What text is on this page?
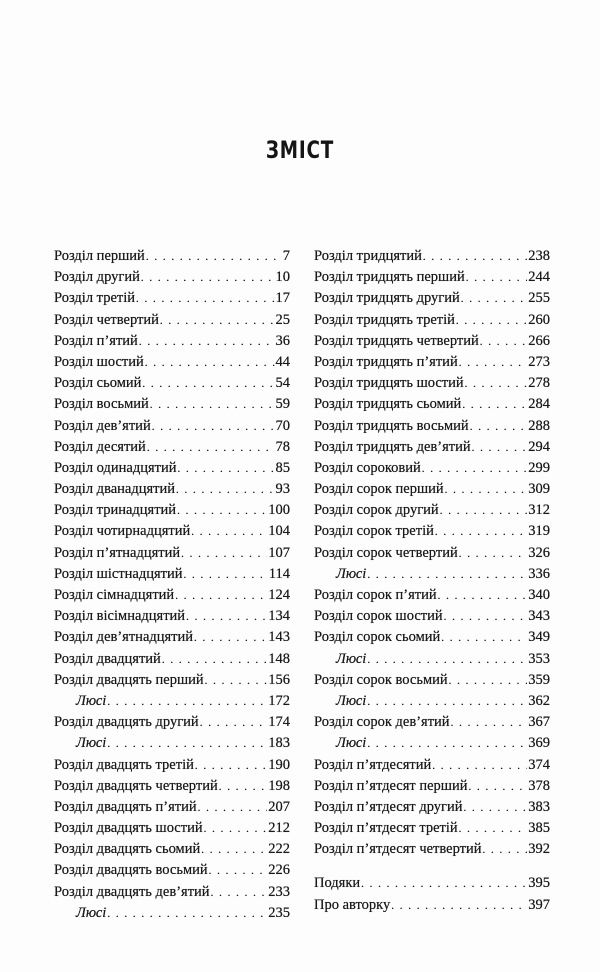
ЗМІСТ
Розділ перший . . .	7
Розділ другий . . .	10
Розділ третій . . .	17
Розділ четвертий . . .	25
Розділ п’ятий . . .	36
Розділ шостий . . .	44
Розділ сьомий . . .	54
Розділ восьмий . . .	59
Розділ дев’ятий . . .	70
Розділ десятий . . .	78
Розділ одинадцятий . . .	85
Розділ дванадцятий . . .	93
Розділ тринадцятий . . .	100
Розділ чотирнадцятий . . .	104
Розділ п’ятнадцятий . . .	107
Розділ шістнадцятий . . .	114
Розділ сімнадцятий . . .	124
Розділ вісімнадцятий . . .	134
Розділ дев’ятнадцятий . . .	143
Розділ двадцятий . . .	148
Розділ двадцять перший . . .	156
Люсі . . .	172
Розділ двадцять другий . . .	174
Люсі . . .	183
Розділ двадцять третій . . .	190
Розділ двадцять четвертий . . .	198
Розділ двадцять п’ятий . . .	207
Розділ двадцять шостий . . .	212
Розділ двадцять сьомий . . .	222
Розділ двадцять восьмий . . .	226
Розділ двадцять дев’ятий . . .	233
Люсі . . .	235
Розділ тридцятий . . .	238
Розділ тридцять перший . . .	244
Розділ тридцять другий . . .	255
Розділ тридцять третій . . .	260
Розділ тридцять четвертий . . .	266
Розділ тридцять п’ятий . . .	273
Розділ тридцять шостий . . .	278
Розділ тридцять сьомий . . .	284
Розділ тридцять восьмий . . .	288
Розділ тридцять дев’ятий . . .	294
Розділ сороковий . . .	299
Розділ сорок перший . . .	309
Розділ сорок другий . . .	312
Розділ сорок третій . . .	319
Розділ сорок четвертий . . .	326
Люсі . . .	336
Розділ сорок п’ятий . . .	340
Розділ сорок шостий . . .	343
Розділ сорок сьомий . . .	349
Люсі . . .	353
Розділ сорок восьмий . . .	359
Люсі . . .	362
Розділ сорок дев’ятий . . .	367
Люсі . . .	369
Розділ п’ятдесятий . . .	374
Розділ п’ятдесят перший . . .	378
Розділ п’ятдесят другий . . .	383
Розділ п’ятдесят третій . . .	385
Розділ п’ятдесят четвертий . . .	392
Подяки . . .	395
Про авторку . . .	397
